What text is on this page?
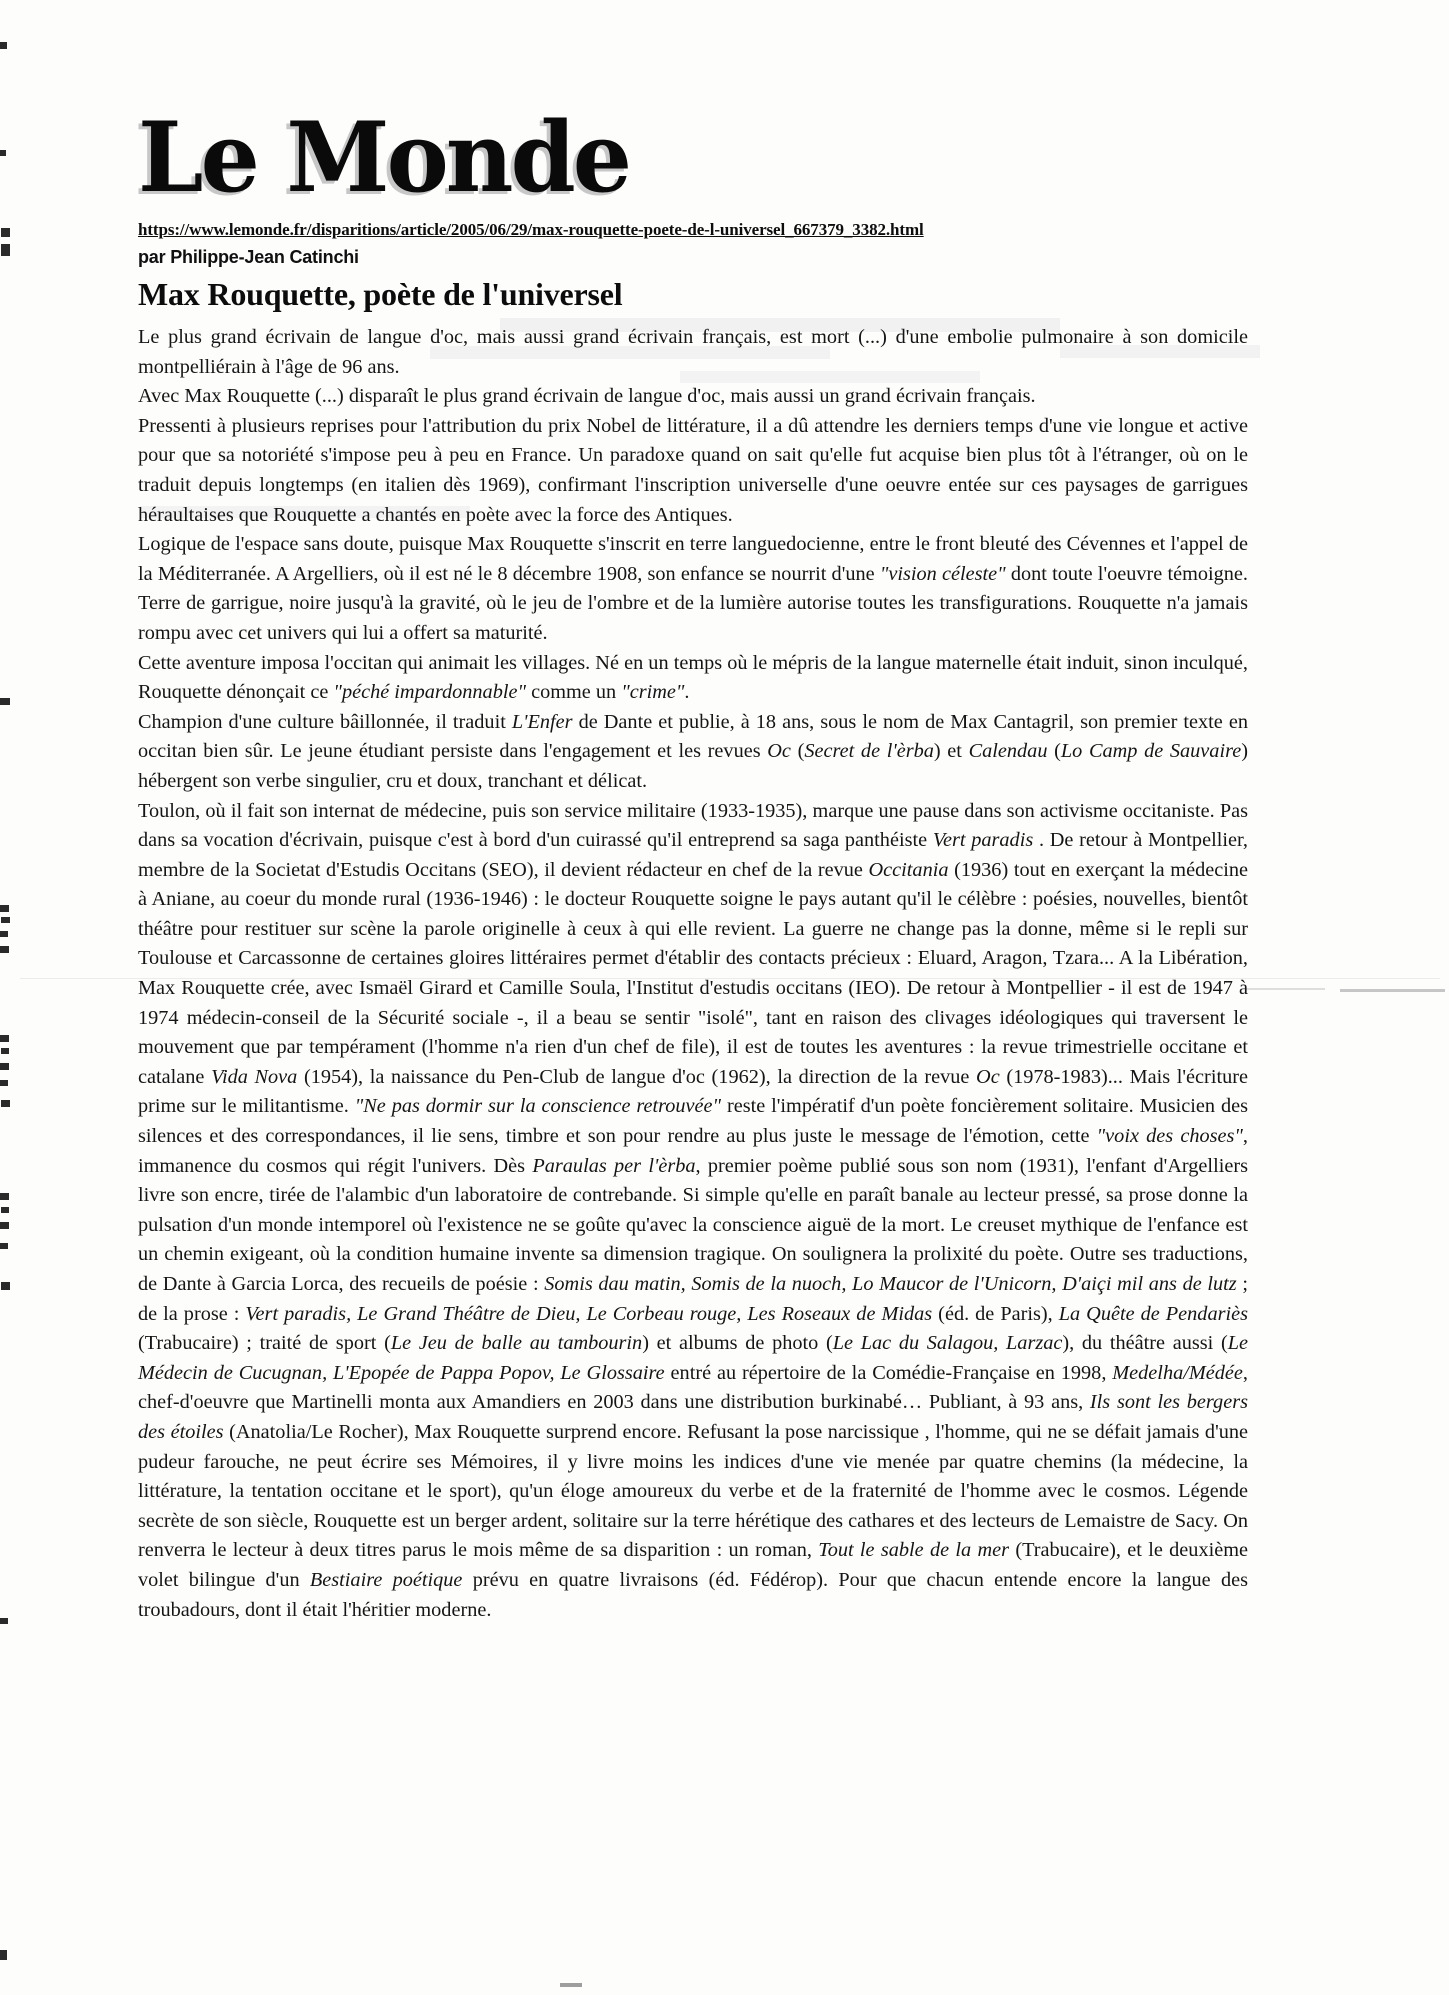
Le Monde
https://www.lemonde.fr/disparitions/article/2005/06/29/max-rouquette-poete-de-l-universel_667379_3382.html
par Philippe-Jean Catinchi
Max Rouquette, poète de l'universel

Le plus grand écrivain de langue d'oc, mais aussi grand écrivain français, est mort (...) d'une embolie pulmonaire à son domicile montpelliérain à l'âge de 96 ans.

Avec Max Rouquette (...) disparaît le plus grand écrivain de langue d'oc, mais aussi un grand écrivain français.

Pressenti à plusieurs reprises pour l'attribution du prix Nobel de littérature, il a dû attendre les derniers temps d'une vie longue et active pour que sa notoriété s'impose peu à peu en France. Un paradoxe quand on sait qu'elle fut acquise bien plus tôt à l'étranger, où on le traduit depuis longtemps (en italien dès 1969), confirmant l'inscription universelle d'une oeuvre entée sur ces paysages de garrigues héraultaises que Rouquette a chantés en poète avec la force des Antiques.

Logique de l'espace sans doute, puisque Max Rouquette s'inscrit en terre languedocienne, entre le front bleuté des Cévennes et l'appel de la Méditerranée. A Argelliers, où il est né le 8 décembre 1908, son enfance se nourrit d'une "vision céleste" dont toute l'oeuvre témoigne. Terre de garrigue, noire jusqu'à la gravité, où le jeu de l'ombre et de la lumière autorise toutes les transfigurations. Rouquette n'a jamais rompu avec cet univers qui lui a offert sa maturité.

Cette aventure imposa l'occitan qui animait les villages. Né en un temps où le mépris de la langue maternelle était induit, sinon inculqué, Rouquette dénonçait ce "péché impardonnable" comme un "crime".

Champion d'une culture bâillonnée, il traduit L'Enfer de Dante et publie, à 18 ans, sous le nom de Max Cantagril, son premier texte en occitan bien sûr. Le jeune étudiant persiste dans l'engagement et les revues Oc (Secret de l'èrba) et Calendau (Lo Camp de Sauvaire) hébergent son verbe singulier, cru et doux, tranchant et délicat.

Toulon, où il fait son internat de médecine, puis son service militaire (1933-1935), marque une pause dans son activisme occitaniste. Pas dans sa vocation d'écrivain, puisque c'est à bord d'un cuirassé qu'il entreprend sa saga panthéiste Vert paradis . De retour à Montpellier, membre de la Societat d'Estudis Occitans (SEO), il devient rédacteur en chef de la revue Occitania (1936) tout en exerçant la médecine à Aniane, au coeur du monde rural (1936-1946) : le docteur Rouquette soigne le pays autant qu'il le célèbre : poésies, nouvelles, bientôt théâtre pour restituer sur scène la parole originelle à ceux à qui elle revient. La guerre ne change pas la donne, même si le repli sur Toulouse et Carcassonne de certaines gloires littéraires permet d'établir des contacts précieux : Eluard, Aragon, Tzara... A la Libération, Max Rouquette crée, avec Ismaël Girard et Camille Soula, l'Institut d'estudis occitans (IEO). De retour à Montpellier - il est de 1947 à 1974 médecin-conseil de la Sécurité sociale -, il a beau se sentir "isolé", tant en raison des clivages idéologiques qui traversent le mouvement que par tempérament (l'homme n'a rien d'un chef de file), il est de toutes les aventures : la revue trimestrielle occitane et catalane Vida Nova (1954), la naissance du Pen-Club de langue d'oc (1962), la direction de la revue Oc (1978-1983)... Mais l'écriture prime sur le militantisme. "Ne pas dormir sur la conscience retrouvée" reste l'impératif d'un poète foncièrement solitaire. Musicien des silences et des correspondances, il lie sens, timbre et son pour rendre au plus juste le message de l'émotion, cette "voix des choses", immanence du cosmos qui régit l'univers. Dès Paraulas per l'èrba, premier poème publié sous son nom (1931), l'enfant d'Argelliers livre son encre, tirée de l'alambic d'un laboratoire de contrebande. Si simple qu'elle en paraît banale au lecteur pressé, sa prose donne la pulsation d'un monde intemporel où l'existence ne se goûte qu'avec la conscience aiguë de la mort. Le creuset mythique de l'enfance est un chemin exigeant, où la condition humaine invente sa dimension tragique. On soulignera la prolixité du poète. Outre ses traductions, de Dante à Garcia Lorca, des recueils de poésie : Somis dau matin, Somis de la nuoch, Lo Maucor de l'Unicorn, D'aiçi mil ans de lutz ; de la prose : Vert paradis, Le Grand Théâtre de Dieu, Le Corbeau rouge, Les Roseaux de Midas (éd. de Paris), La Quête de Pendariès (Trabucaire) ; traité de sport (Le Jeu de balle au tambourin) et albums de photo (Le Lac du Salagou, Larzac), du théâtre aussi (Le Médecin de Cucugnan, L'Epopée de Pappa Popov, Le Glossaire entré au répertoire de la Comédie-Française en 1998, Medelha/Médée, chef-d'oeuvre que Martinelli monta aux Amandiers en 2003 dans une distribution burkinabé… Publiant, à 93 ans, Ils sont les bergers des étoiles (Anatolia/Le Rocher), Max Rouquette surprend encore. Refusant la pose narcissique , l'homme, qui ne se défait jamais d'une pudeur farouche, ne peut écrire ses Mémoires, il y livre moins les indices d'une vie menée par quatre chemins (la médecine, la littérature, la tentation occitane et le sport), qu'un éloge amoureux du verbe et de la fraternité de l'homme avec le cosmos. Légende secrète de son siècle, Rouquette est un berger ardent, solitaire sur la terre hérétique des cathares et des lecteurs de Lemaistre de Sacy. On renverra le lecteur à deux titres parus le mois même de sa disparition : un roman, Tout le sable de la mer (Trabucaire), et le deuxième volet bilingue d'un Bestiaire poétique prévu en quatre livraisons (éd. Fédérop). Pour que chacun entende encore la langue des troubadours, dont il était l'héritier moderne.
